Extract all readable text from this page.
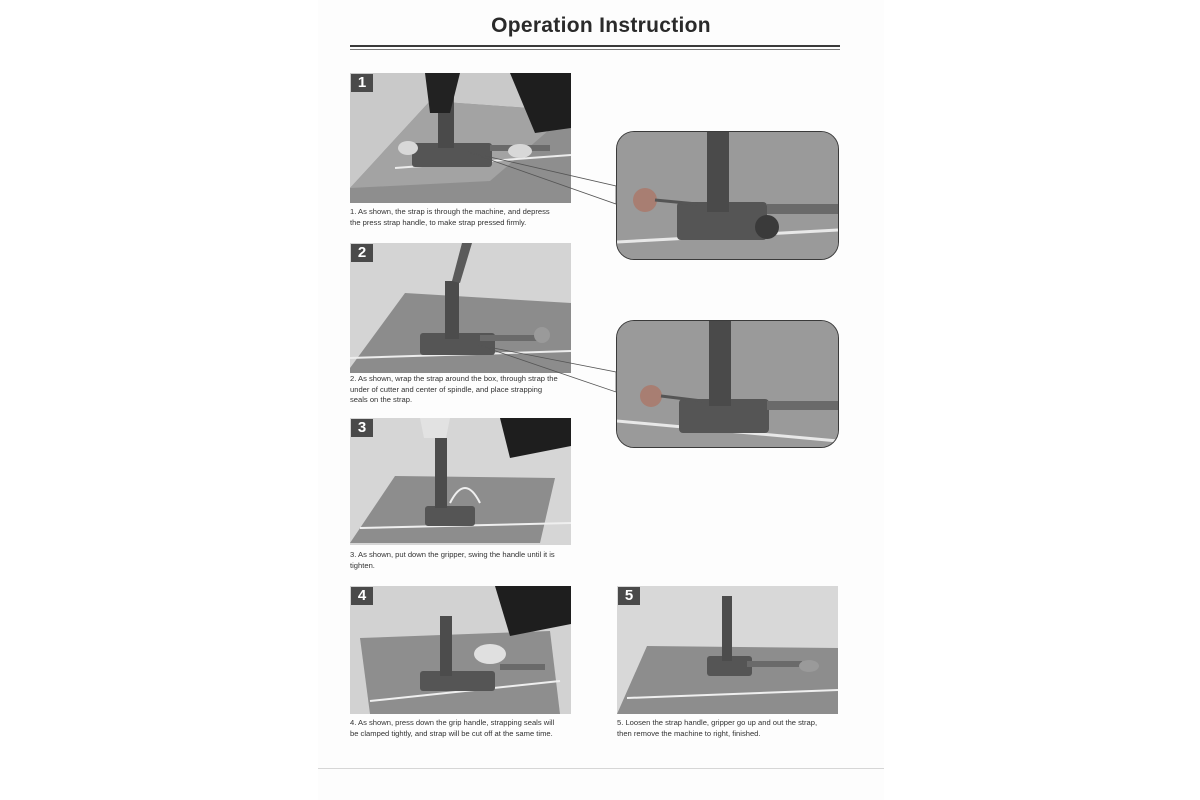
Operation Instruction
1
1. As shown, the strap is through the machine, and depress
the press strap handle, to make strap pressed firmly.
2
2. As shown, wrap the strap around the box, through strap the
under of cutter and center of spindle, and place strapping
seals on the strap.
3
3. As shown, put down the gripper, swing the handle until it is
tighten.
4
4. As shown, press down the grip handle, strapping seals will
be clamped tightly, and strap will be cut off at the same time.
5
5. Loosen the strap handle, gripper go up and out the strap,
then remove the machine to right, finished.
